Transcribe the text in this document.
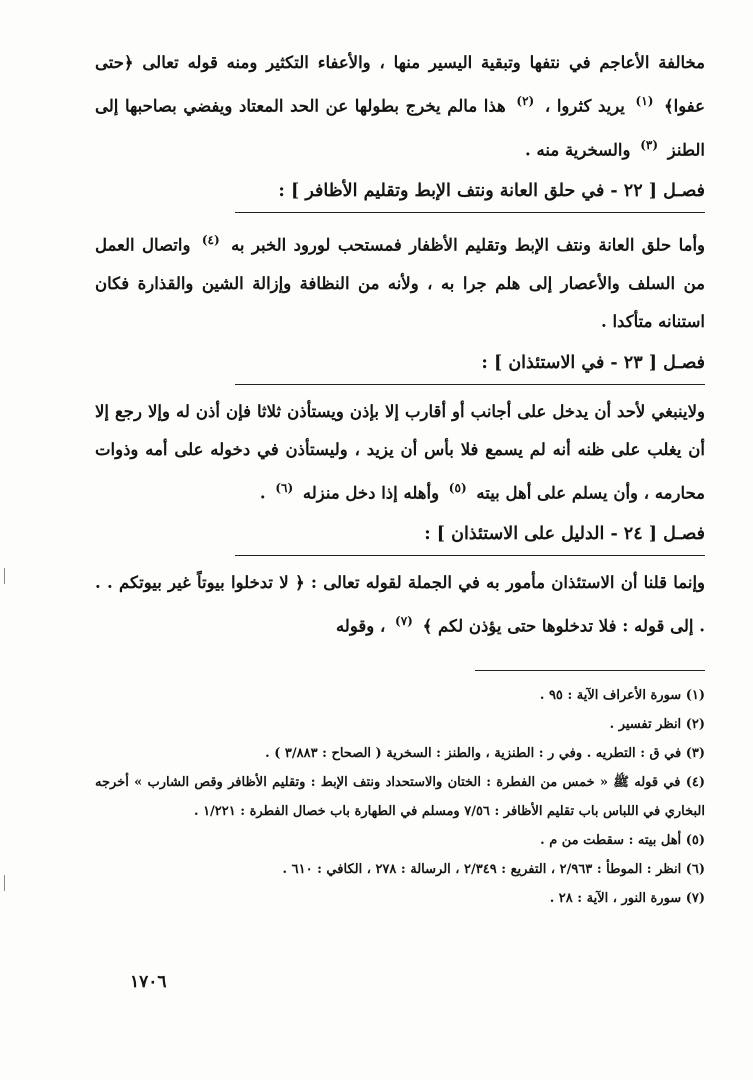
مخالفة الأعاجم في نتفها وتبقية اليسير منها ، والأعفاء التكثير ومنه قوله تعالى ﴿حتى عفوا﴾ $^{(١)}$ يريد كثروا ، $^{(٢)}$ هذا مالم يخرج بطولها عن الحد المعتاد ويفضي بصاحبها إلى الطنز $^{(٣)}$ والسخرية منه .

فصـل [ ٢٢ - في حلق العانة ونتف الإبط وتقليم الأظافر ] :

وأما حلق العانة ونتف الإبط وتقليم الأظفار فمستحب لورود الخبر به $^{(٤)}$ واتصال العمل من السلف والأعصار إلى هلم جرا به ، ولأنه من النظافة وإزالة الشين والقذارة فكان استنانه متأكدا .

فصـل [ ٢٣ - في الاستئذان ] :

ولاينبغي لأحد أن يدخل على أجانب أو أقارب إلا بإذن ويستأذن ثلاثا فإن أذن له وإلا رجع إلا أن يغلب على ظنه أنه لم يسمع فلا بأس أن يزيد ، وليستأذن في دخوله على أمه وذوات محارمه ، وأن يسلم على أهل بيته $^{(٥)}$ وأهله إذا دخل منزله $^{(٦)}$ .

فصـل [ ٢٤ - الدليل على الاستئذان ] :

وإنما قلنا أن الاستئذان مأمور به في الجملة لقوله تعالى : ﴿ لا تدخلوا بيوتاً غير بيوتكم . . . إلى قوله : فلا تدخلوها حتى يؤذن لكم ﴾ $^{(٧)}$ ، وقوله

(١) سورة الأعراف الآية : ٩٥ .

(٢) انظر تفسير .

(٣) في ق : التطريه . وفي ر : الطنزية ، والطنز : السخرية ( الصحاح : ٣/٨٨٣ ) .

(٤) في قوله ﷺ « خمس من الفطرة : الختان والاستحداد ونتف الإبط : وتقليم الأظافر وقص الشارب » أخرجه البخاري في اللباس باب تقليم الأظافر : ٧/٥٦ ومسلم في الطهارة باب خصال الفطرة : ١/٢٢١ .

(٥) أهل بيته : سقطت من م .

(٦) انظر : الموطأ : ٢/٩٦٣ ، التفريع : ٢/٣٤٩ ، الرسالة : ٢٧٨ ، الكافي : ٦١٠ .

(٧) سورة النور ، الآية : ٢٨ .

١٧٠٦
